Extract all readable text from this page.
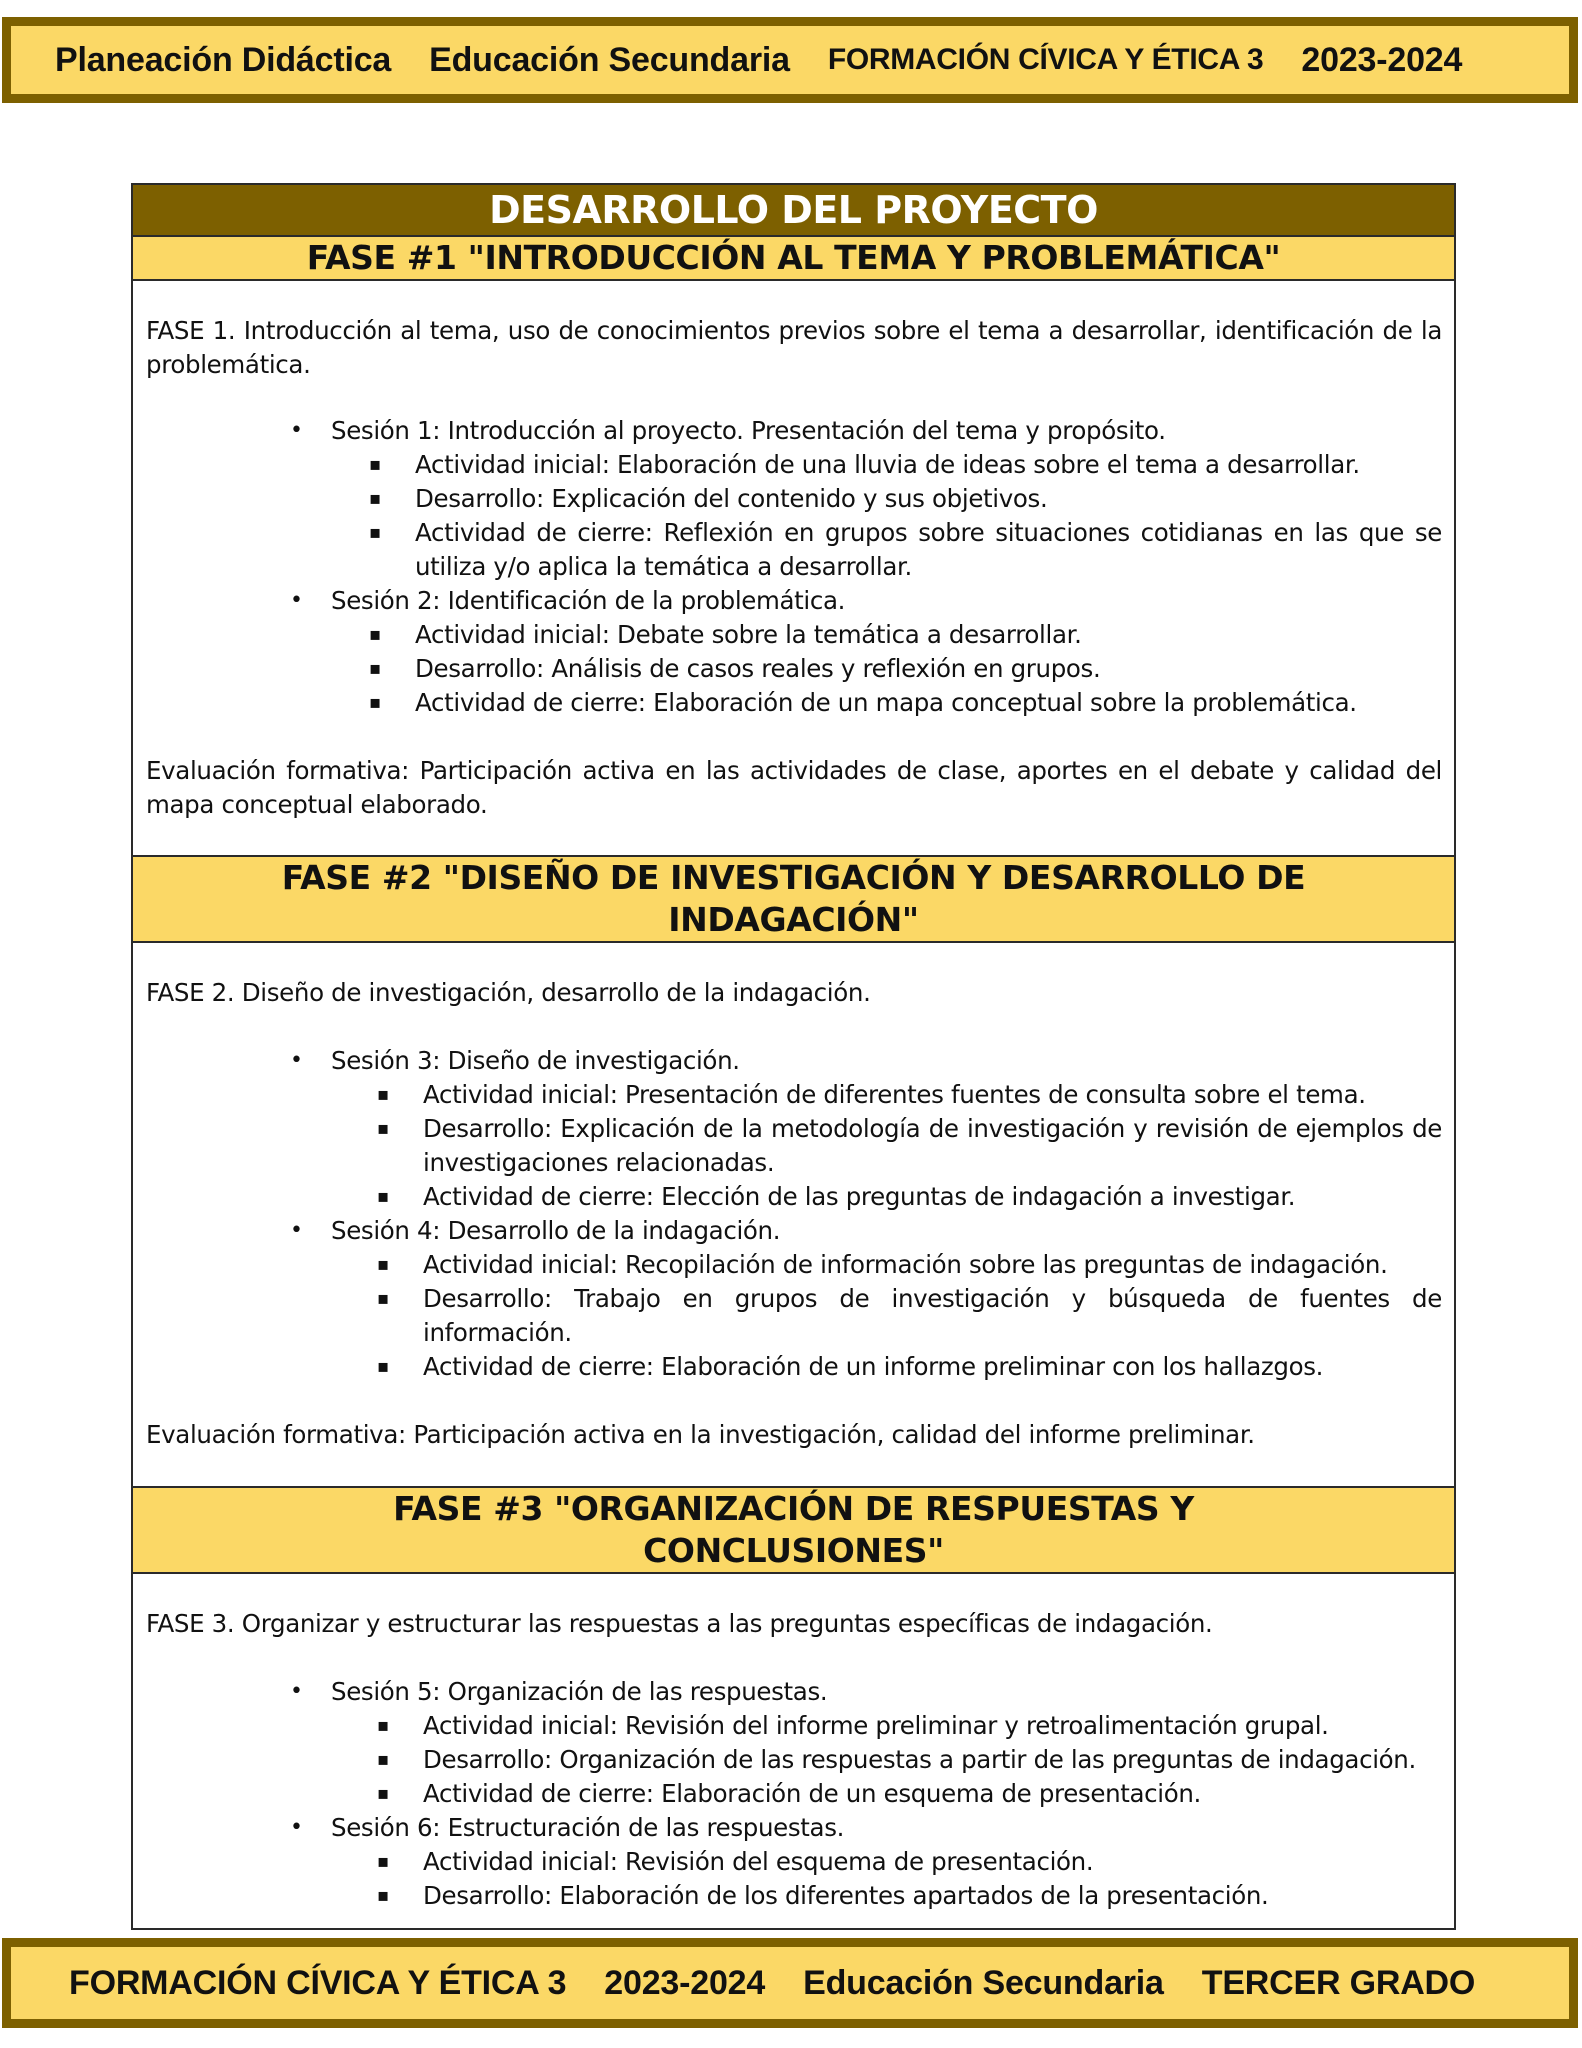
Planeación Didáctica Educación Secundaria FORMACIÓN CÍVICA Y ÉTICA 3 2023-2024
DESARROLLO DEL PROYECTO
FASE #1 "INTRODUCCIÓN AL TEMA Y PROBLEMÁTICA"

FASE 1. Introducción al tema, uso de conocimientos previos sobre el tema a desarrollar, identificación de la problemática.

• Sesión 1: Introducción al proyecto. Presentación del tema y propósito.
▪ Actividad inicial: Elaboración de una lluvia de ideas sobre el tema a desarrollar.
▪ Desarrollo: Explicación del contenido y sus objetivos.
▪ Actividad de cierre: Reflexión en grupos sobre situaciones cotidianas en las que se utiliza y/o aplica la temática a desarrollar.
• Sesión 2: Identificación de la problemática.
▪ Actividad inicial: Debate sobre la temática a desarrollar.
▪ Desarrollo: Análisis de casos reales y reflexión en grupos.
▪ Actividad de cierre: Elaboración de un mapa conceptual sobre la problemática.

Evaluación formativa: Participación activa en las actividades de clase, aportes en el debate y calidad del mapa conceptual elaborado.

FASE #2 "DISEÑO DE INVESTIGACIÓN Y DESARROLLO DE INDAGACIÓN"

FASE 2. Diseño de investigación, desarrollo de la indagación.

• Sesión 3: Diseño de investigación.
▪ Actividad inicial: Presentación de diferentes fuentes de consulta sobre el tema.
▪ Desarrollo: Explicación de la metodología de investigación y revisión de ejemplos de investigaciones relacionadas.
▪ Actividad de cierre: Elección de las preguntas de indagación a investigar.
• Sesión 4: Desarrollo de la indagación.
▪ Actividad inicial: Recopilación de información sobre las preguntas de indagación.
▪ Desarrollo: Trabajo en grupos de investigación y búsqueda de fuentes de información.
▪ Actividad de cierre: Elaboración de un informe preliminar con los hallazgos.

Evaluación formativa: Participación activa en la investigación, calidad del informe preliminar.

FASE #3 "ORGANIZACIÓN DE RESPUESTAS Y CONCLUSIONES"

FASE 3. Organizar y estructurar las respuestas a las preguntas específicas de indagación.

• Sesión 5: Organización de las respuestas.
▪ Actividad inicial: Revisión del informe preliminar y retroalimentación grupal.
▪ Desarrollo: Organización de las respuestas a partir de las preguntas de indagación.
▪ Actividad de cierre: Elaboración de un esquema de presentación.
• Sesión 6: Estructuración de las respuestas.
▪ Actividad inicial: Revisión del esquema de presentación.
▪ Desarrollo: Elaboración de los diferentes apartados de la presentación.
FORMACIÓN CÍVICA Y ÉTICA 3 2023-2024 Educación Secundaria TERCER GRADO
